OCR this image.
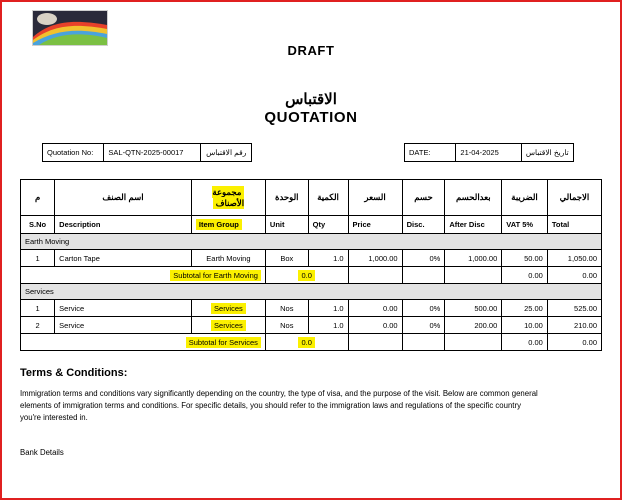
DRAFT
الاقتباس
QUOTATION
Quotation No:	SAL-QTN-2025-00017	رقم الاقتباس	DATE:	21-04-2025	تاريخ الاقتباس
م	اسم الصنف	مجموعة الأصناف	الوحدة	الكمية	السعر	حسم	بعدالحسم	الضريبة	الاجمالي
S.No	Description	Item Group	Unit	Qty	Price	Disc.	After Disc	VAT 5%	Total
Earth Moving									
1	Carton Tape	Earth Moving	Box	1.0	1,000.00	0%	1,000.00	50.00	1,050.00
Subtotal for Earth Moving			0.0					0.00	0.00
Services									
1	Service	Services	Nos	1.0	0.00	0%	500.00	25.00	525.00
2	Service	Services	Nos	1.0	0.00	0%	200.00	10.00	210.00
Subtotal for Services			0.0					0.00	0.00
Terms & Conditions:
Immigration terms and conditions vary significantly depending on the country, the type of visa, and the purpose of the visit. Below are common general elements of immigration terms and conditions. For specific details, you should refer to the immigration laws and regulations of the specific country you're interested in.
Bank Details
